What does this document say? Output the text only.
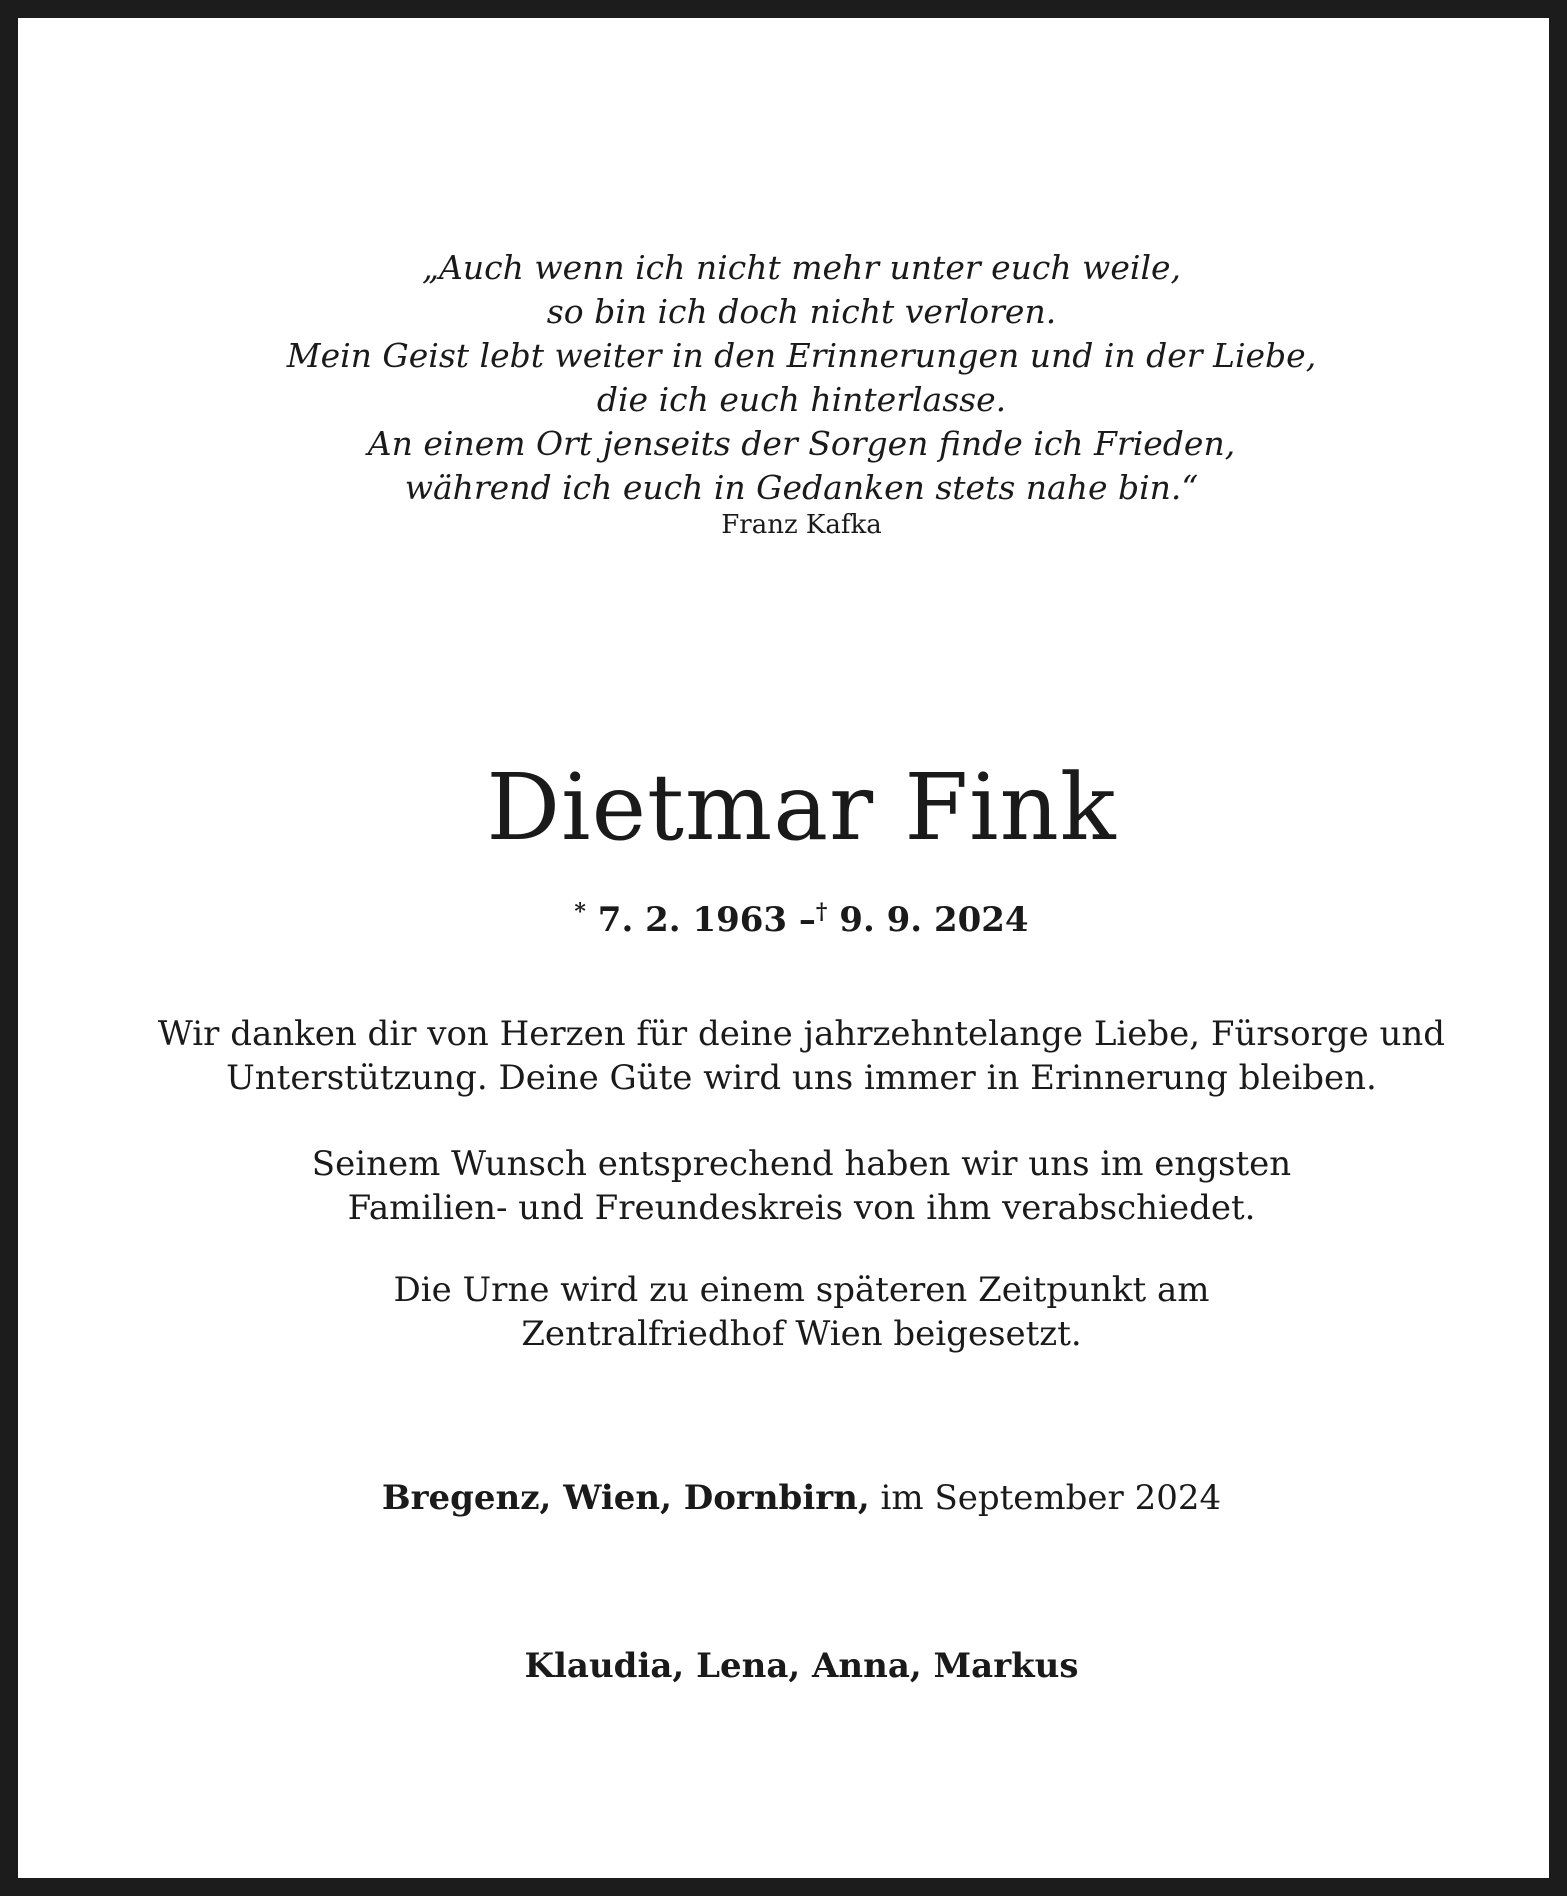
„Auch wenn ich nicht mehr unter euch weile,
so bin ich doch nicht verloren.
Mein Geist lebt weiter in den Erinnerungen und in der Liebe,
die ich euch hinterlasse.
An einem Ort jenseits der Sorgen finde ich Frieden,
während ich euch in Gedanken stets nahe bin.“
Franz Kafka
Dietmar Fink
* 7. 2. 1963 –† 9. 9. 2024
Wir danken dir von Herzen für deine jahrzehntelange Liebe, Fürsorge und
Unterstützung. Deine Güte wird uns immer in Erinnerung bleiben.
Seinem Wunsch entsprechend haben wir uns im engsten
Familien- und Freundeskreis von ihm verabschiedet.
Die Urne wird zu einem späteren Zeitpunkt am
Zentralfriedhof Wien beigesetzt.
Bregenz, Wien, Dornbirn, im September 2024
Klaudia, Lena, Anna, Markus
